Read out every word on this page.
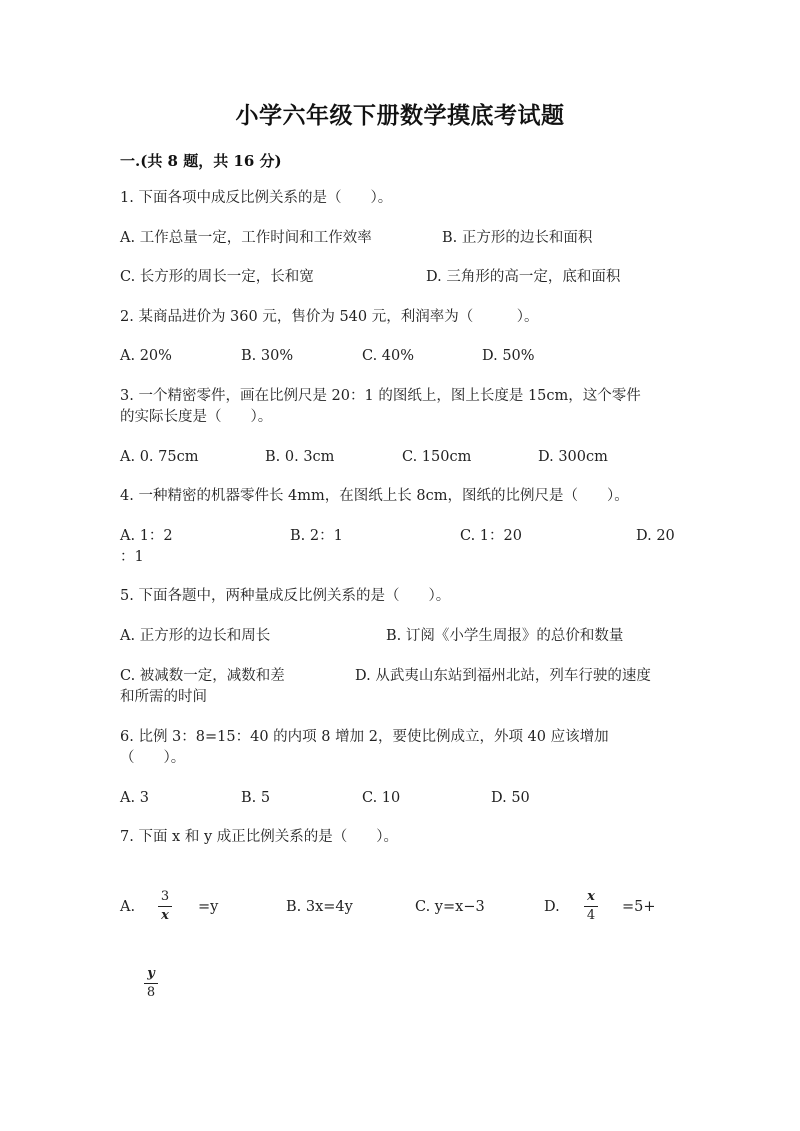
小学六年级下册数学摸底考试题
一.(共 8 题，共 16 分)
1. 下面各项中成反比例关系的是（　　）。
A. 工作总量一定，工作时间和工作效率	B. 正方形的边长和面积
C. 长方形的周长一定，长和宽	D. 三角形的高一定，底和面积
2. 某商品进价为 360 元，售价为 540 元，利润率为（　　　）。
A. 20%	B. 30%	C. 40%	D. 50%
3. 一个精密零件，画在比例尺是 20：1 的图纸上，图上长度是 15cm，这个零件
的实际长度是（　　）。
A. 0. 75cm	B. 0. 3cm	C. 150cm	D. 300cm
4. 一种精密的机器零件长 4mm，在图纸上长 8cm，图纸的比例尺是（　　）。
A. 1：2	B. 2：1	C. 1：20	D. 20
：1
5. 下面各题中，两种量成反比例关系的是（　　）。
A. 正方形的边长和周长	B. 订阅《小学生周报》的总价和数量
C. 被减数一定，减数和差	D. 从武夷山东站到福州北站，列车行驶的速度
和所需的时间
6. 比例 3：8=15：40 的内项 8 增加 2，要使比例成立，外项 40 应该增加
（　　）。
A. 3	B. 5	C. 10	D. 50
7. 下面 x 和 y 成正比例关系的是（　　）。
A.
3
x
=y	B. 3x=4y	C. y=x−3	D.
x
4
=5+
y
8
